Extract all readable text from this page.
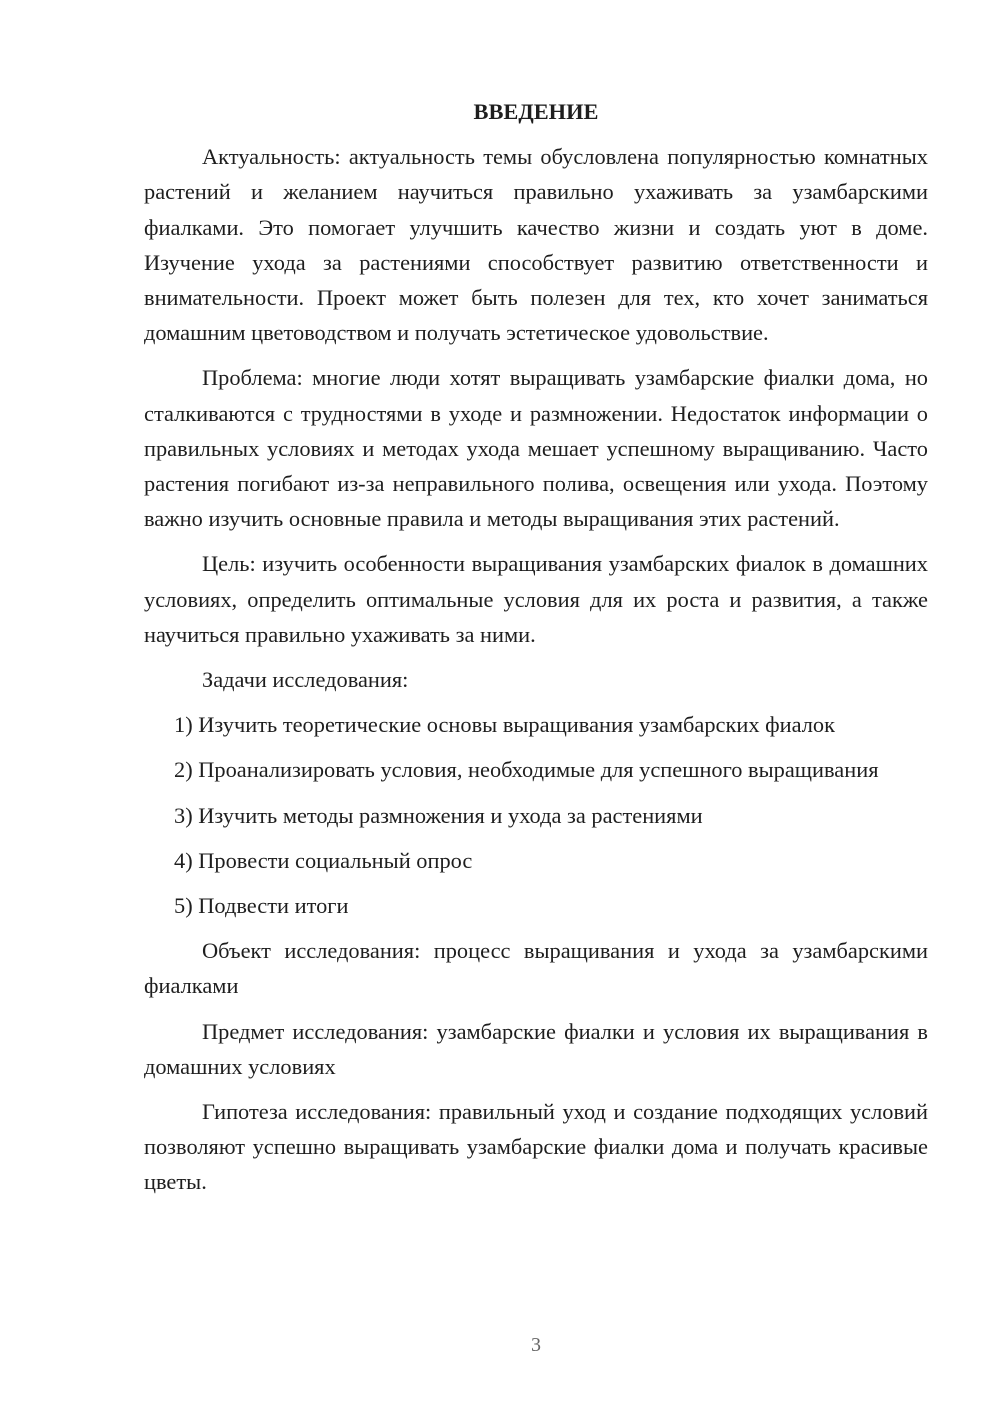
ВВЕДЕНИЕ

Актуальность: актуальность темы обусловлена популярностью комнатных растений и желанием научиться правильно ухаживать за узамбарскими фиалками. Это помогает улучшить качество жизни и создать уют в доме. Изучение ухода за растениями способствует развитию ответственности и внимательности. Проект может быть полезен для тех, кто хочет заниматься домашним цветоводством и получать эстетическое удовольствие.

Проблема: многие люди хотят выращивать узамбарские фиалки дома, но сталкиваются с трудностями в уходе и размножении. Недостаток информации о правильных условиях и методах ухода мешает успешному выращиванию. Часто растения погибают из-за неправильного полива, освещения или ухода. Поэтому важно изучить основные правила и методы выращивания этих растений.

Цель: изучить особенности выращивания узамбарских фиалок в домашних условиях, определить оптимальные условия для их роста и развития, а также научиться правильно ухаживать за ними.

Задачи исследования:

1) Изучить теоретические основы выращивания узамбарских фиалок

2) Проанализировать условия, необходимые для успешного выращивания

3) Изучить методы размножения и ухода за растениями

4) Провести социальный опрос

5) Подвести итоги

Объект исследования: процесс выращивания и ухода за узамбарскими фиалками

Предмет исследования: узамбарские фиалки и условия их выращивания в домашних условиях

Гипотеза исследования: правильный уход и создание подходящих условий позволяют успешно выращивать узамбарские фиалки дома и получать красивые цветы.

3
